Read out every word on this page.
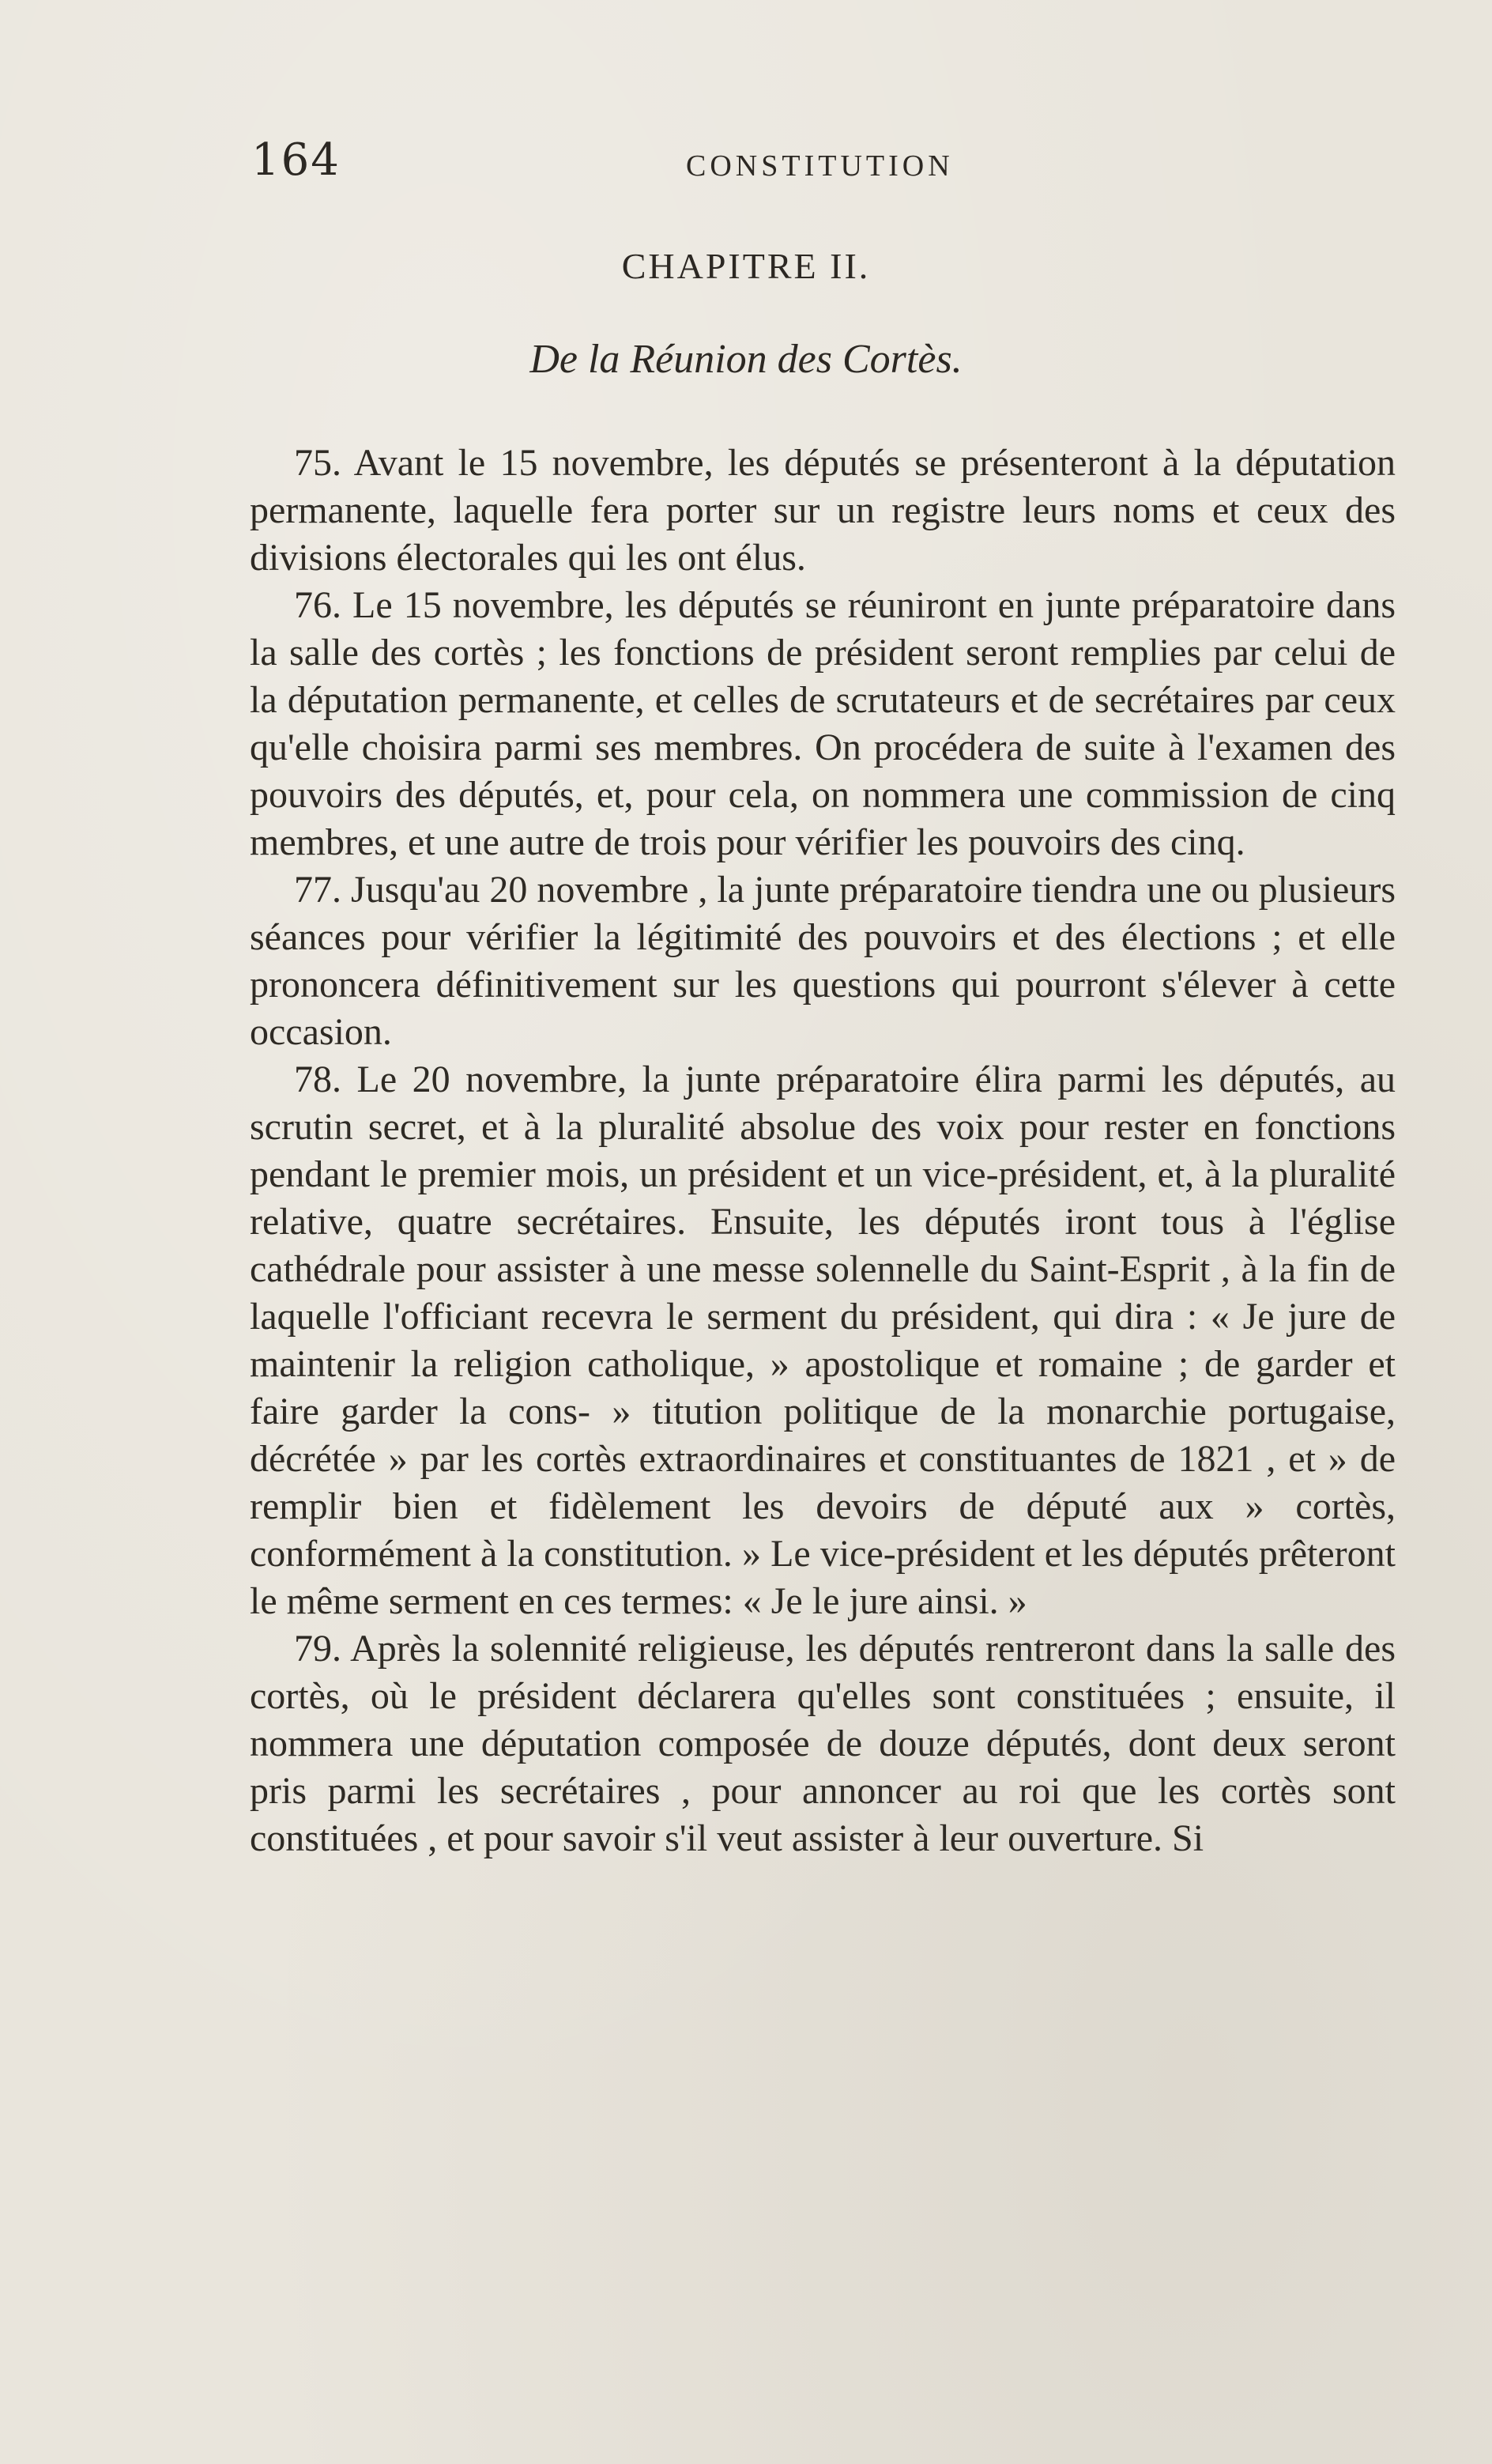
164	CONSTITUTION
CHAPITRE II.
De la Réunion des Cortès.

75. Avant le 15 novembre, les députés se présenteront à la députation permanente, laquelle fera porter sur un registre leurs noms et ceux des divisions électorales qui les ont élus.

76. Le 15 novembre, les députés se réuniront en junte préparatoire dans la salle des cortès ; les fonctions de président seront remplies par celui de la députation permanente, et celles de scrutateurs et de secrétaires par ceux qu'elle choisira parmi ses membres. On procédera de suite à l'examen des pouvoirs des députés, et, pour cela, on nommera une commission de cinq membres, et une autre de trois pour vérifier les pouvoirs des cinq.

77. Jusqu'au 20 novembre , la junte préparatoire tiendra une ou plusieurs séances pour vérifier la légitimité des pouvoirs et des élections ; et elle prononcera définitivement sur les questions qui pourront s'élever à cette occasion.

78. Le 20 novembre, la junte préparatoire élira parmi les députés, au scrutin secret, et à la pluralité absolue des voix pour rester en fonctions pendant le premier mois, un président et un vice-président, et, à la pluralité relative, quatre secrétaires. Ensuite, les députés iront tous à l'église cathédrale pour assister à une messe solennelle du Saint-Esprit , à la fin de laquelle l'officiant recevra le serment du président, qui dira : « Je jure de maintenir la religion catholique, » apostolique et romaine ; de garder et faire garder la cons- » titution politique de la monarchie portugaise, décrétée » par les cortès extraordinaires et constituantes de 1821 , et » de remplir bien et fidèlement les devoirs de député aux » cortès, conformément à la constitution. » Le vice-président et les députés prêteront le même serment en ces termes: « Je le jure ainsi. »

79. Après la solennité religieuse, les députés rentreront dans la salle des cortès, où le président déclarera qu'elles sont constituées ; ensuite, il nommera une députation composée de douze députés, dont deux seront pris parmi les secrétaires , pour annoncer au roi que les cortès sont constituées , et pour savoir s'il veut assister à leur ouverture. Si
